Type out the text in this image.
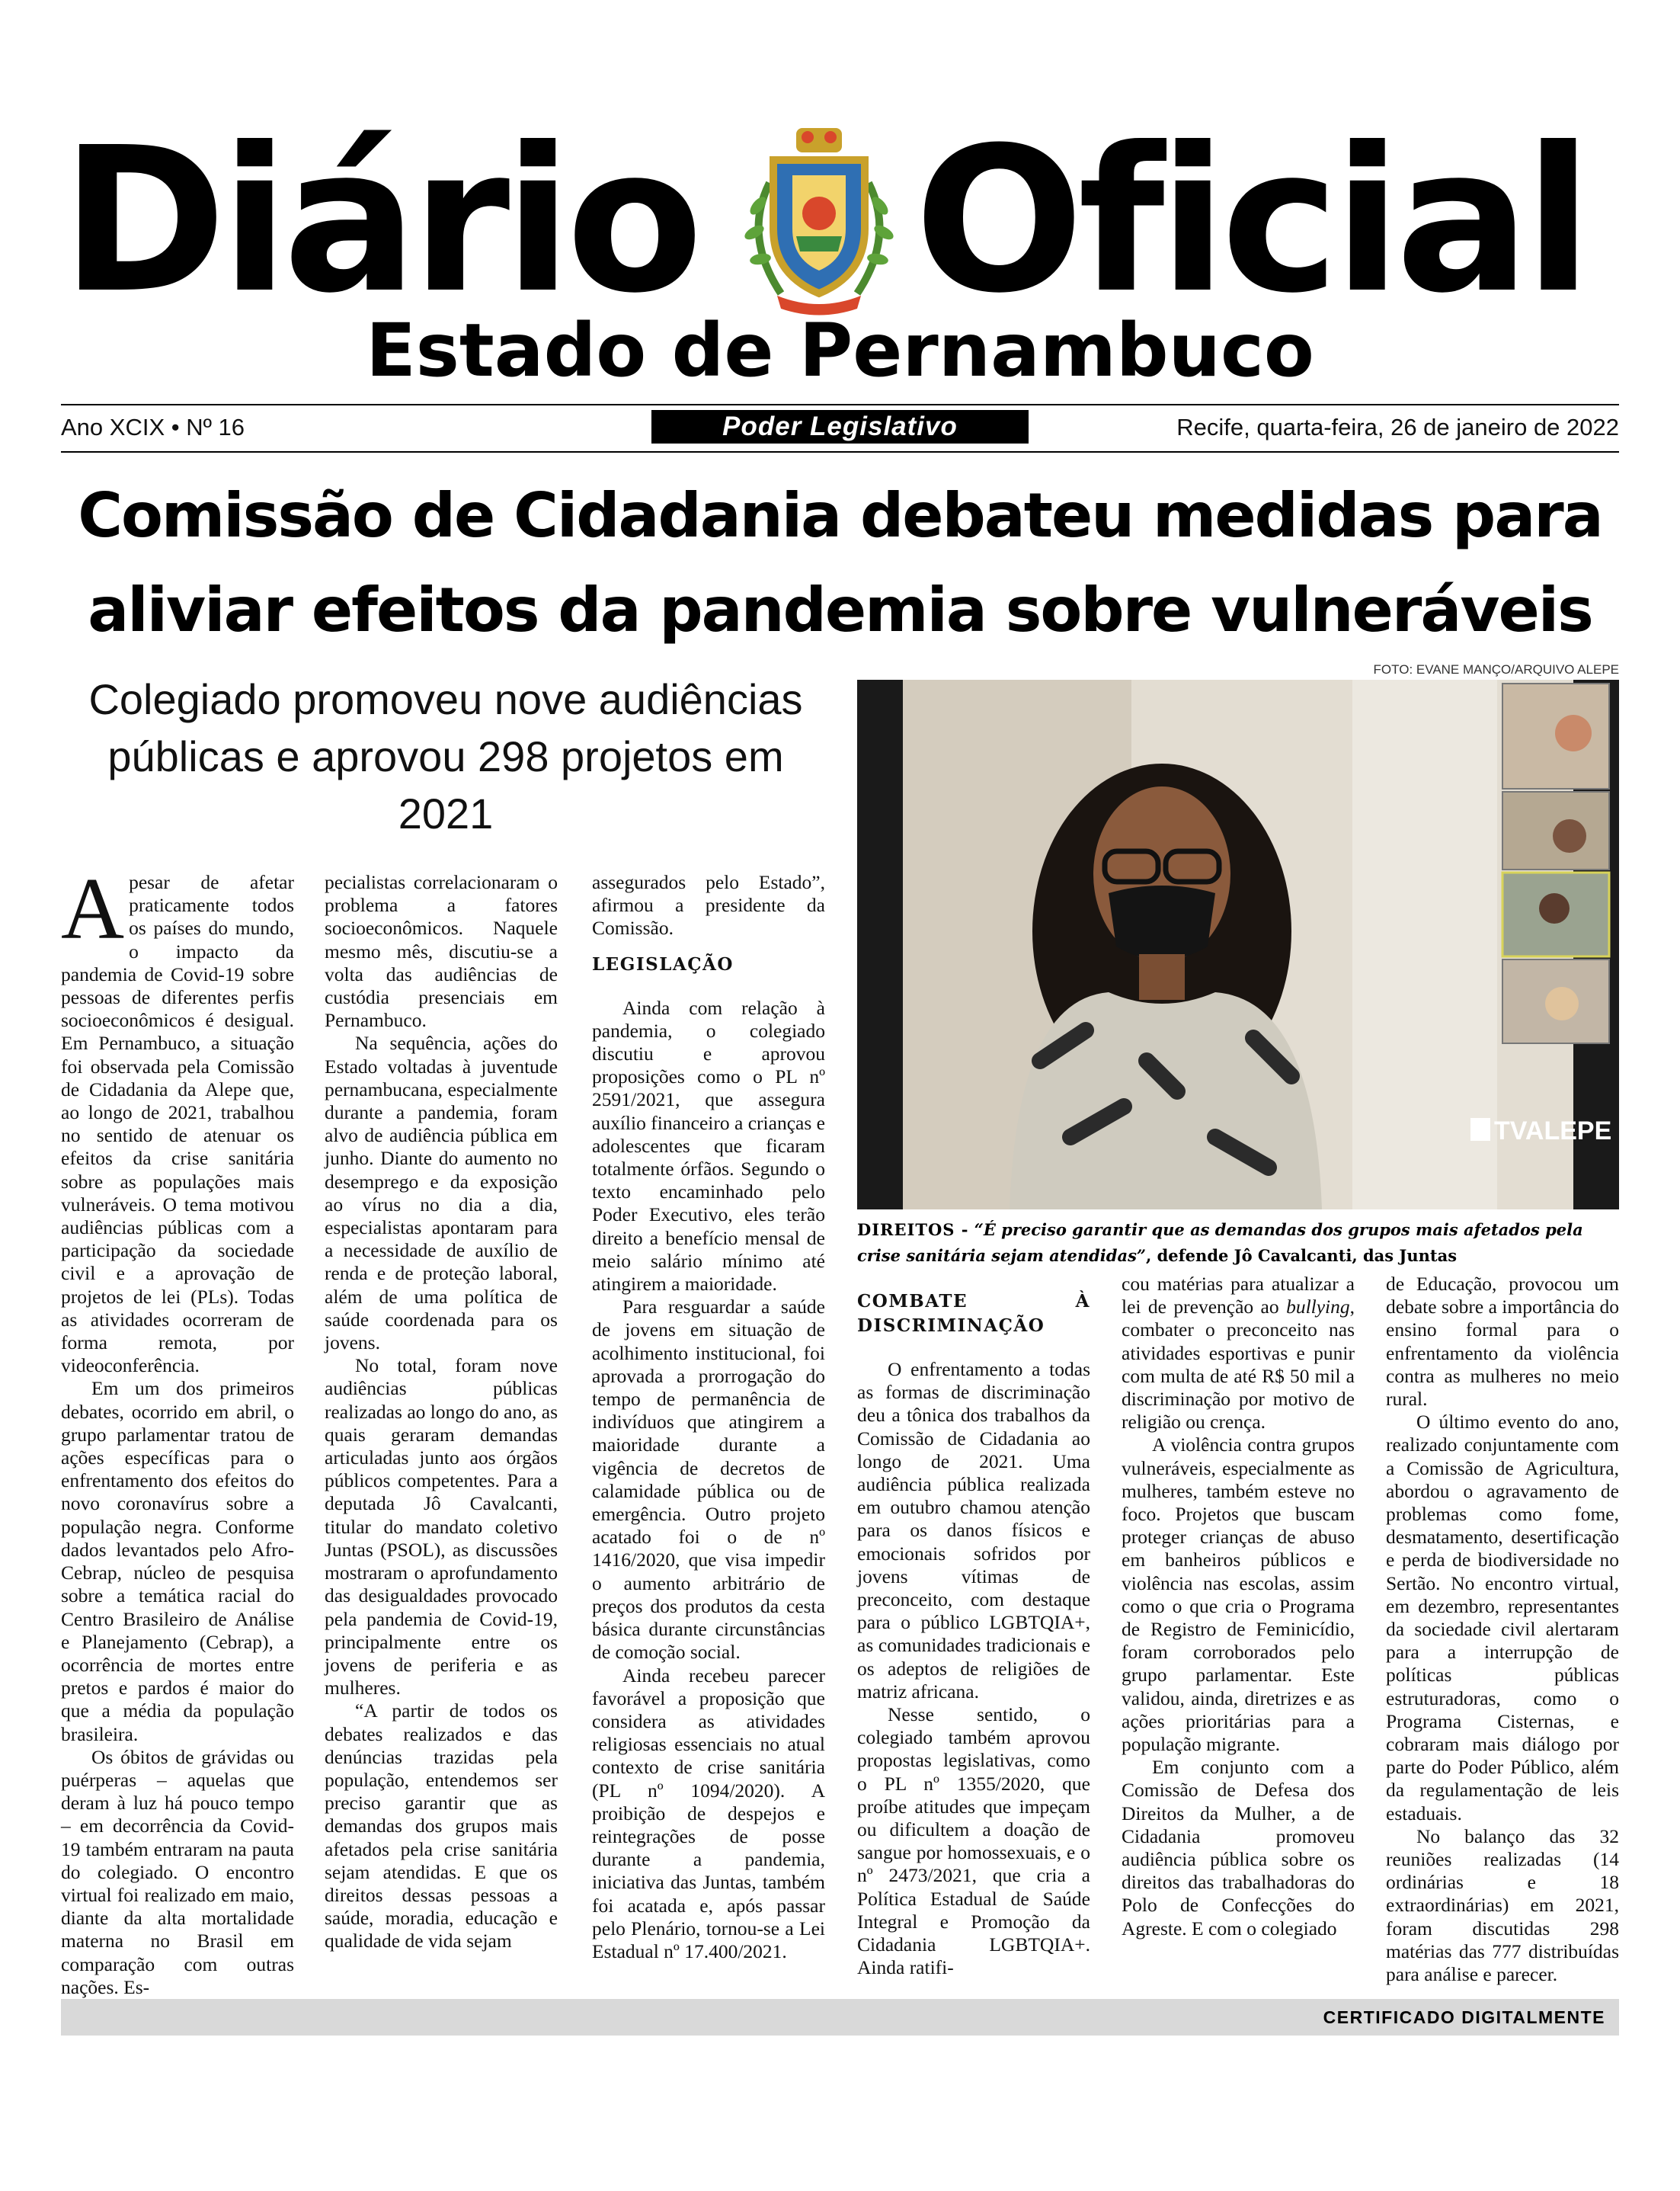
Diário Oficial
Estado de Pernambuco
Ano XCIX • Nº 16	Poder Legislativo	Recife, quarta-feira, 26 de janeiro de 2022
Comissão de Cidadania debateu medidas para
aliviar efeitos da pandemia sobre vulneráveis
Colegiado promoveu nove audiências públicas e aprovou 298 projetos em 2021
FOTO: EVANE MANÇO/ARQUIVO ALEPE
TVALEPE
DIREITOS - “É preciso garantir que as demandas dos grupos mais afetados pela crise sanitária sejam atendidas”, defende Jô Cavalcanti, das Juntas

Apesar de afetar praticamente todos os países do mundo, o impacto da pandemia de Covid-19 sobre pessoas de diferentes perfis socioeconômicos é desigual. Em Pernambuco, a situação foi observada pela Comissão de Cidadania da Alepe que, ao longo de 2021, trabalhou no sentido de atenuar os efeitos da crise sanitária sobre as populações mais vulneráveis. O tema motivou audiências públicas com a participação da sociedade civil e a aprovação de projetos de lei (PLs). Todas as atividades ocorreram de forma remota, por videoconferência.

Em um dos primeiros debates, ocorrido em abril, o grupo parlamentar tratou de ações específicas para o enfrentamento dos efeitos do novo coronavírus sobre a população negra. Conforme dados levantados pelo Afro-Cebrap, núcleo de pesquisa sobre a temática racial do Centro Brasileiro de Análise e Planejamento (Cebrap), a ocorrência de mortes entre pretos e pardos é maior do que a média da população brasileira.

Os óbitos de grávidas ou puérperas – aquelas que deram à luz há pouco tempo – em decorrência da Covid-19 também entraram na pauta do colegiado. O encontro virtual foi realizado em maio, diante da alta mortalidade materna no Brasil em comparação com outras nações. Es-

pecialistas correlacionaram o problema a fatores socioeconômicos. Naquele mesmo mês, discutiu-se a volta das audiências de custódia presenciais em Pernambuco.

Na sequência, ações do Estado voltadas à juventude pernambucana, especialmente durante a pandemia, foram alvo de audiência pública em junho. Diante do aumento no desemprego e da exposição ao vírus no dia a dia, especialistas apontaram para a necessidade de auxílio de renda e de proteção laboral, além de uma política de saúde coordenada para os jovens.

No total, foram nove audiências públicas realizadas ao longo do ano, as quais geraram demandas articuladas junto aos órgãos públicos competentes. Para a deputada Jô Cavalcanti, titular do mandato coletivo Juntas (PSOL), as discussões mostraram o aprofundamento das desigualdades provocado pela pandemia de Covid-19, principalmente entre os jovens de periferia e as mulheres.

“A partir de todos os debates realizados e das denúncias trazidas pela população, entendemos ser preciso garantir que as demandas dos grupos mais afetados pela crise sanitária sejam atendidas. E que os direitos dessas pessoas a saúde, moradia, educação e qualidade de vida sejam

assegurados pelo Estado”, afirmou a presidente da Comissão.

LEGISLAÇÃO

Ainda com relação à pandemia, o colegiado discutiu e aprovou proposições como o PL nº 2591/2021, que assegura auxílio financeiro a crianças e adolescentes que ficaram totalmente órfãos. Segundo o texto encaminhado pelo Poder Executivo, eles terão direito a benefício mensal de meio salário mínimo até atingirem a maioridade.

Para resguardar a saúde de jovens em situação de acolhimento institucional, foi aprovada a prorrogação do tempo de permanência de indivíduos que atingirem a maioridade durante a vigência de decretos de calamidade pública ou de emergência. Outro projeto acatado foi o de nº 1416/2020, que visa impedir o aumento arbitrário de preços dos produtos da cesta básica durante circunstâncias de comoção social.

Ainda recebeu parecer favorável a proposição que considera as atividades religiosas essenciais no atual contexto de crise sanitária (PL nº 1094/2020). A proibição de despejos e reintegrações de posse durante a pandemia, iniciativa das Juntas, também foi acatada e, após passar pelo Plenário, tornou-se a Lei Estadual nº 17.400/2021.

COMBATE À DISCRIMINAÇÃO

O enfrentamento a todas as formas de discriminação deu a tônica dos trabalhos da Comissão de Cidadania ao longo de 2021. Uma audiência pública realizada em outubro chamou atenção para os danos físicos e emocionais sofridos por jovens vítimas de preconceito, com destaque para o público LGBTQIA+, as comunidades tradicionais e os adeptos de religiões de matriz africana.

Nesse sentido, o colegiado também aprovou propostas legislativas, como o PL nº 1355/2020, que proíbe atitudes que impeçam ou dificultem a doação de sangue por homossexuais, e o nº 2473/2021, que cria a Política Estadual de Saúde Integral e Promoção da Cidadania LGBTQIA+. Ainda ratifi-

cou matérias para atualizar a lei de prevenção ao bullying, combater o preconceito nas atividades esportivas e punir com multa de até R$ 50 mil a discriminação por motivo de religião ou crença.

A violência contra grupos vulneráveis, especialmente as mulheres, também esteve no foco. Projetos que buscam proteger crianças de abuso em banheiros públicos e violência nas escolas, assim como o que cria o Programa de Registro de Feminicídio, foram corroborados pelo grupo parlamentar. Este validou, ainda, diretrizes e as ações prioritárias para a população migrante.

Em conjunto com a Comissão de Defesa dos Direitos da Mulher, a de Cidadania promoveu audiência pública sobre os direitos das trabalhadoras do Polo de Confecções do Agreste. E com o colegiado

de Educação, provocou um debate sobre a importância do ensino formal para o enfrentamento da violência contra as mulheres no meio rural.

O último evento do ano, realizado conjuntamente com a Comissão de Agricultura, abordou o agravamento de problemas como fome, desmatamento, desertificação e perda de biodiversidade no Sertão. No encontro virtual, em dezembro, representantes da sociedade civil alertaram para a interrupção de políticas públicas estruturadoras, como o Programa Cisternas, e cobraram mais diálogo por parte do Poder Público, além da regulamentação de leis estaduais.

No balanço das 32 reuniões realizadas (14 ordinárias e 18 extraordinárias) em 2021, foram discutidas 298 matérias das 777 distribuídas para análise e parecer.

CERTIFICADO DIGITALMENTE
